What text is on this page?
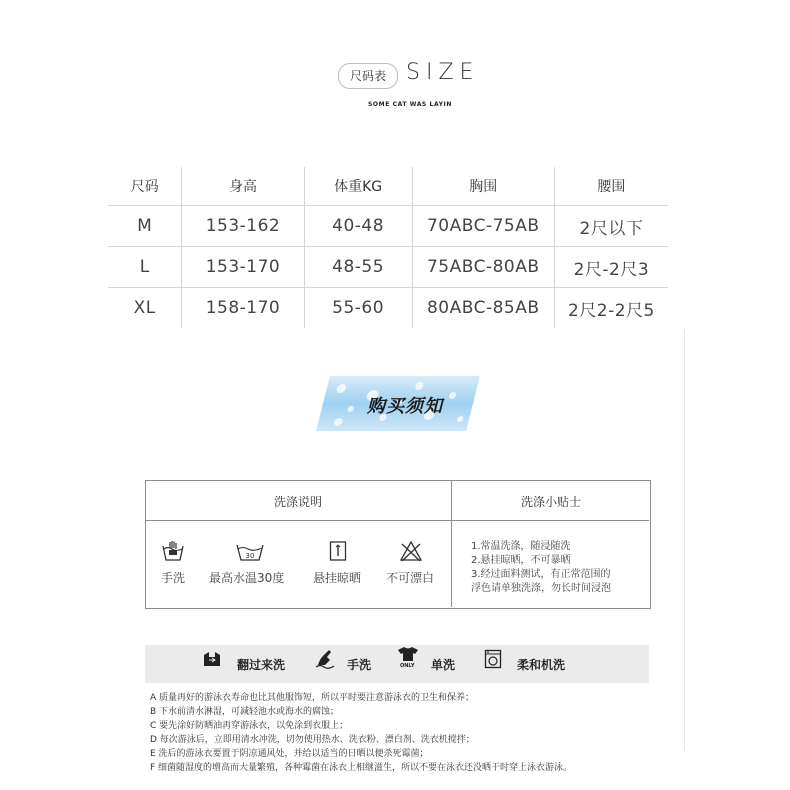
尺码表 SIZE
SOME CAT WAS LAYIN
尺码	身高	体重KG	胸围	腰围
M	153-162	40-48	70ABC-75AB	2尺以下
L	153-170	48-55	75ABC-80AB	2尺-2尺3
XL	158-170	55-60	80ABC-85AB	2尺2-2尺5
购买须知
洗涤说明	洗涤小贴士
30
手洗 最高水温30度 悬挂晾晒 不可漂白
1.常温洗涤，随浸随洗
2.悬挂晾晒，不可暴晒
3.经过面料测试，有正常范围的
浮色请单独洗涤，勿长时间浸泡
翻过来洗	手洗	ONLY 单洗	柔和机洗
A 质量再好的游泳衣寿命也比其他服饰短，所以平时要注意游泳衣的卫生和保养；
B 下水前清水淋湿，可减轻池水或海水的腐蚀；
C 要先涂好防晒油再穿游泳衣，以免涂到衣服上；
D 每次游泳后，立即用清水冲洗，切勿使用热水、洗衣粉、漂白剂、洗衣机搅拌；
E 洗后的游泳衣要置于阴凉通风处，并给以适当的日晒以便杀死霉菌；
F 细菌随湿度的增高而大量繁殖，各种霉菌在泳衣上相继滋生，所以不要在泳衣还没晒干时穿上泳衣游泳。
